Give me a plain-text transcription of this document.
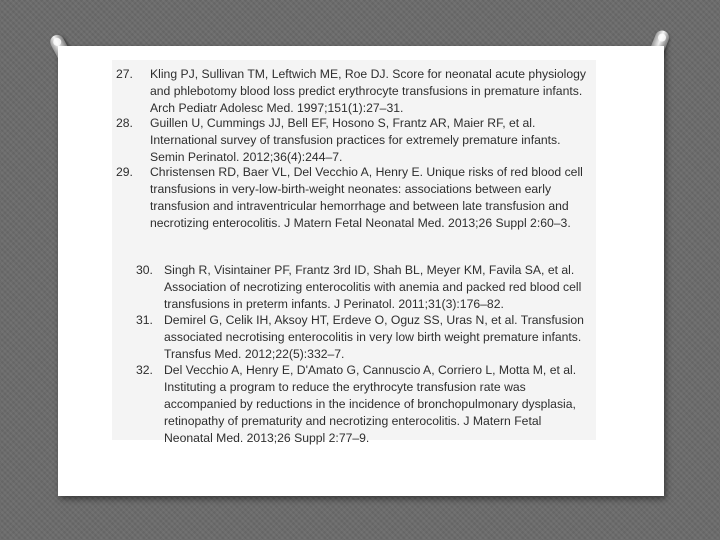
27.	Kling PJ, Sullivan TM, Leftwich ME, Roe DJ. Score for neonatal acute physiology and phlebotomy blood loss predict erythrocyte transfusions in premature infants. Arch Pediatr Adolesc Med. 1997;151(1):27–31.
28.	Guillen U, Cummings JJ, Bell EF, Hosono S, Frantz AR, Maier RF, et al. International survey of transfusion practices for extremely premature infants. Semin Perinatol. 2012;36(4):244–7.
29.	Christensen RD, Baer VL, Del Vecchio A, Henry E. Unique risks of red blood cell transfusions in very-low-birth-weight neonates: associations between early transfusion and intraventricular hemorrhage and between late transfusion and necrotizing enterocolitis. J Matern Fetal Neonatal Med. 2013;26 Suppl 2:60–3.
30. Singh R, Visintainer PF, Frantz 3rd ID, Shah BL, Meyer KM, Favila SA, et al. Association of necrotizing enterocolitis with anemia and packed red blood cell transfusions in preterm infants. J Perinatol. 2011;31(3):176–82.
31. Demirel G, Celik IH, Aksoy HT, Erdeve O, Oguz SS, Uras N, et al. Transfusion associated necrotising enterocolitis in very low birth weight premature infants. Transfus Med. 2012;22(5):332–7.
32. Del Vecchio A, Henry E, D'Amato G, Cannuscio A, Corriero L, Motta M, et al. Instituting a program to reduce the erythrocyte transfusion rate was accompanied by reductions in the incidence of bronchopulmonary dysplasia, retinopathy of prematurity and necrotizing enterocolitis. J Matern Fetal Neonatal Med. 2013;26 Suppl 2:77–9.
